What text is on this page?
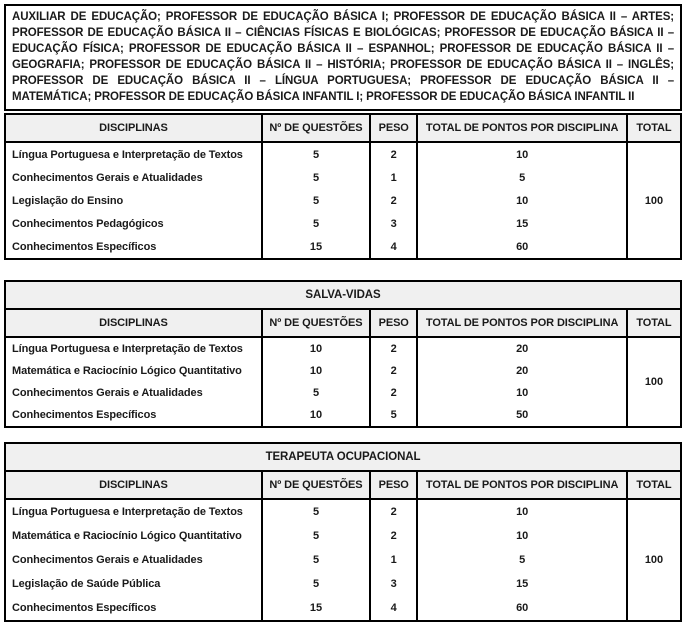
AUXILIAR DE EDUCAÇÃO; PROFESSOR DE EDUCAÇÃO BÁSICA I; PROFESSOR DE EDUCAÇÃO BÁSICA II – ARTES; PROFESSOR DE EDUCAÇÃO BÁSICA II – CIÊNCIAS FÍSICAS E BIOLÓGICAS; PROFESSOR DE EDUCAÇÃO BÁSICA II – EDUCAÇÃO FÍSICA; PROFESSOR DE EDUCAÇÃO BÁSICA II – ESPANHOL; PROFESSOR DE EDUCAÇÃO BÁSICA II – GEOGRAFIA; PROFESSOR DE EDUCAÇÃO BÁSICA II – HISTÓRIA; PROFESSOR DE EDUCAÇÃO BÁSICA II – INGLÊS; PROFESSOR DE EDUCAÇÃO BÁSICA II – LÍNGUA PORTUGUESA; PROFESSOR DE EDUCAÇÃO BÁSICA II – MATEMÁTICA; PROFESSOR DE EDUCAÇÃO BÁSICA INFANTIL I; PROFESSOR DE EDUCAÇÃO BÁSICA INFANTIL II
DISCIPLINAS	Nº DE QUESTÕES	PESO	TOTAL DE PONTOS POR DISCIPLINA	TOTAL
Língua Portuguesa e Interpretação de Textos	5	2	10	100
Conhecimentos Gerais e Atualidades	5	1	5	
Legislação do Ensino	5	2	10	
Conhecimentos Pedagógicos	5	3	15	
Conhecimentos Específicos	15	4	60	
SALVA-VIDAS				
DISCIPLINAS	Nº DE QUESTÕES	PESO	TOTAL DE PONTOS POR DISCIPLINA	TOTAL
Língua Portuguesa e Interpretação de Textos	10	2	20	100
Matemática e Raciocínio Lógico Quantitativo	10	2	20	
Conhecimentos Gerais e Atualidades	5	2	10	
Conhecimentos Específicos	10	5	50	
TERAPEUTA OCUPACIONAL				
DISCIPLINAS	Nº DE QUESTÕES	PESO	TOTAL DE PONTOS POR DISCIPLINA	TOTAL
Língua Portuguesa e Interpretação de Textos	5	2	10	100
Matemática e Raciocínio Lógico Quantitativo	5	2	10	
Conhecimentos Gerais e Atualidades	5	1	5	
Legislação de Saúde Pública	5	3	15	
Conhecimentos Específicos	15	4	60	
